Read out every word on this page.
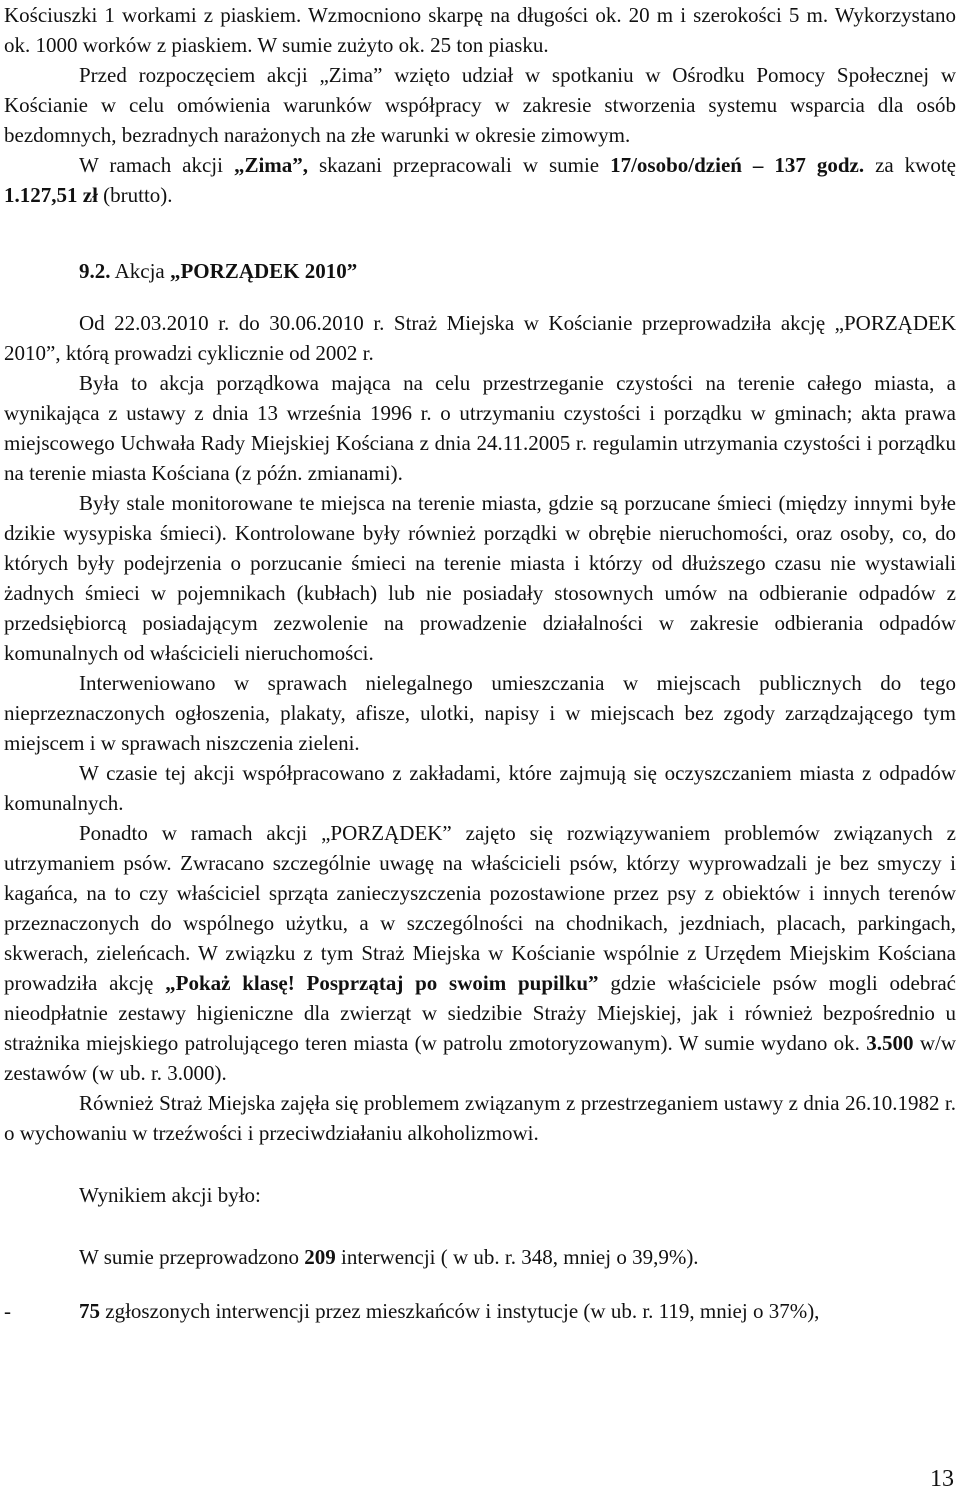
Kościuszki 1 workami z piaskiem. Wzmocniono skarpę na długości ok. 20 m i szerokości 5 m. Wykorzystano ok. 1000 worków z piaskiem. W sumie zużyto ok. 25 ton piasku.

Przed rozpoczęciem akcji „Zima” wzięto udział w spotkaniu w Ośrodku Pomocy Społecznej w Kościanie w celu omówienia warunków współpracy w zakresie stworzenia systemu wsparcia dla osób bezdomnych, bezradnych narażonych na złe warunki w okresie zimowym.

W ramach akcji „Zima”, skazani przepracowali w sumie 17/osobo/dzień – 137 godz. za kwotę 1.127,51 zł (brutto).

9.2. Akcja „PORZĄDEK 2010”

Od 22.03.2010 r. do 30.06.2010 r. Straż Miejska w Kościanie przeprowadziła akcję „PORZĄDEK 2010”, którą prowadzi cyklicznie od 2002 r.

Była to akcja porządkowa mająca na celu przestrzeganie czystości na terenie całego miasta, a wynikająca z ustawy z dnia 13 września 1996 r. o utrzymaniu czystości i porządku w gminach; akta prawa miejscowego Uchwała Rady Miejskiej Kościana z dnia 24.11.2005 r. regulamin utrzymania czystości i porządku na terenie miasta Kościana (z późn. zmianami).

Były stale monitorowane te miejsca na terenie miasta, gdzie są porzucane śmieci (między innymi byłe dzikie wysypiska śmieci). Kontrolowane były również porządki w obrębie nieruchomości, oraz osoby, co, do których były podejrzenia o porzucanie śmieci na terenie miasta i którzy od dłuższego czasu nie wystawiali żadnych śmieci w pojemnikach (kubłach) lub nie posiadały stosownych umów na odbieranie odpadów z przedsiębiorcą posiadającym zezwolenie na prowadzenie działalności w zakresie odbierania odpadów komunalnych od właścicieli nieruchomości.

Interweniowano w sprawach nielegalnego umieszczania w miejscach publicznych do tego nieprzeznaczonych ogłoszenia, plakaty, afisze, ulotki, napisy i w miejscach bez zgody zarządzającego tym miejscem i w sprawach niszczenia zieleni.

W czasie tej akcji współpracowano z zakładami, które zajmują się oczyszczaniem miasta z odpadów komunalnych.

Ponadto w ramach akcji „PORZĄDEK” zajęto się rozwiązywaniem problemów związanych z utrzymaniem psów. Zwracano szczególnie uwagę na właścicieli psów, którzy wyprowadzali je bez smyczy i kagańca, na to czy właściciel sprząta zanieczyszczenia pozostawione przez psy z obiektów i innych terenów przeznaczonych do wspólnego użytku, a w szczególności na chodnikach, jezdniach, placach, parkingach, skwerach, zieleńcach. W związku z tym Straż Miejska w Kościanie wspólnie z Urzędem Miejskim Kościana prowadziła akcję „Pokaż klasę! Posprzątaj po swoim pupilku” gdzie właściciele psów mogli odebrać nieodpłatnie zestawy higieniczne dla zwierząt w siedzibie Straży Miejskiej, jak i również bezpośrednio u strażnika miejskiego patrolującego teren miasta (w patrolu zmotoryzowanym). W sumie wydano ok. 3.500 w/w zestawów (w ub. r. 3.000).

Również Straż Miejska zajęła się problemem związanym z przestrzeganiem ustawy z dnia 26.10.1982 r. o wychowaniu w trzeźwości i przeciwdziałaniu alkoholizmowi.

Wynikiem akcji było:

W sumie przeprowadzono 209 interwencji ( w ub. r. 348, mniej o 39,9%).

-	75 zgłoszonych interwencji przez mieszkańców i instytucje (w ub. r. 119, mniej o 37%),

13
